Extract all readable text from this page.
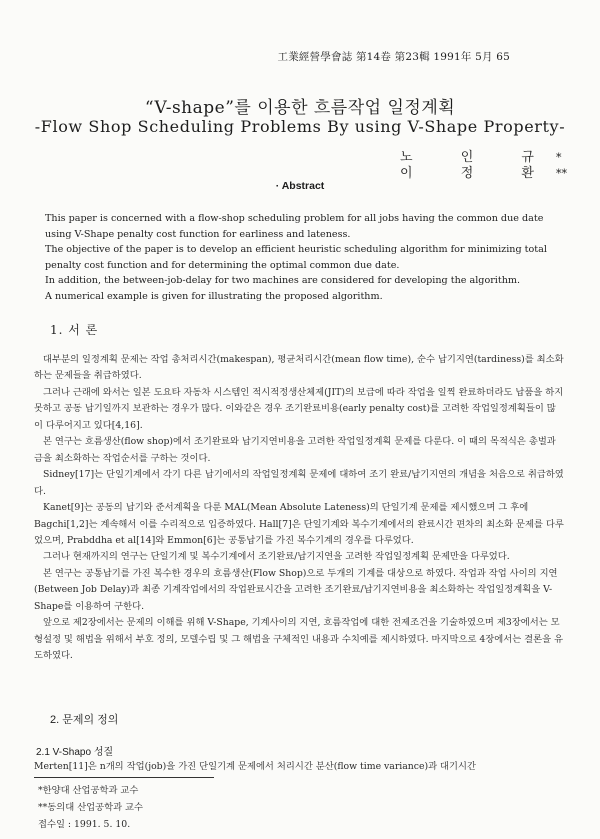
工業經營學會誌 第14卷 第23輯 1991年 5月 65
“V-shape”를 이용한 흐름작업 일정계획
-Flow Shop Scheduling Problems By using V-Shape Property-
노 인 규*
이 정 환**
· Abstract

This paper is concerned with a flow-shop scheduling problem for all jobs having the common due date using V-Shape penalty cost function for earliness and lateness.

The objective of the paper is to develop an efficient heuristic scheduling algorithm for minimizing total penalty cost function and for determining the optimal common due date.

In addition, the between-job-delay for two machines are considered for developing the algorithm.

A numerical example is given for illustrating the proposed algorithm.

1. 서 론

대부분의 일정계획 문제는 작업 총처리시간(makespan), 평균처리시간(mean flow time), 순수 납기지연(tardiness)를 최소화하는 문제들을 취급하였다.

그러나 근래에 와서는 일본 도요타 자동차 시스템인 적시적정생산체제(JIT)의 보급에 따라 작업을 일찍 완료하더라도 납품을 하지못하고 공동 납기일까지 보관하는 경우가 많다. 이와같은 경우 조기완료비용(early penalty cost)를 고려한 작업일정계획들이 많이 다루어지고 있다[4,16].

본 연구는 흐름생산(flow shop)에서 조기완료와 납기지연비용을 고려한 작업일정계획 문제를 다룬다. 이 때의 목적식은 총벌과금을 최소화하는 작업순서를 구하는 것이다.

Sidney[17]는 단일기계에서 각기 다른 납기에서의 작업일정계획 문제에 대하여 조기 완료/납기지연의 개념을 처음으로 취급하였다.

Kanet[9]는 공동의 납기와 준서계획을 다룬 MAL(Mean Absolute Lateness)의 단일기계 문제를 제시했으며 그 후에 Bagchi[1,2]는 계속해서 이를 수리적으로 입증하였다. Hall[7]은 단일기계와 복수기계에서의 완료시간 편차의 최소화 문제를 다루었으며, Prabddha et al[14]와 Emmon[6]는 공통납기를 가진 복수기계의 경우를 다루었다.

그러나 현재까지의 연구는 단일기계 및 복수기계에서 조기완료/납기지연을 고려한 작업일정계획 문제만을 다루었다.

본 연구는 공통납기를 가진 복수한 경우의 흐름생산(Flow Shop)으로 두개의 기계를 대상으로 하였다. 작업과 작업 사이의 지연(Between Job Delay)과 최종 기계작업에서의 작업완료시간을 고려한 조기완료/납기지연비용을 최소화하는 작업일정계획을 V-Shape를 이용하여 구한다.

앞으로 제2장에서는 문제의 이해를 위해 V-Shape, 기계사이의 지연, 흐름작업에 대한 전제조건을 기술하였으며 제3장에서는 모형설정 및 해법을 위해서 부호 정의, 모델수립 및 그 해법을 구체적인 내용과 수치예를 제시하였다. 마지막으로 4장에서는 결론을 유도하였다.

2. 문제의 정의
2.1 V-Shapo 성질
Merten[11]은 n개의 작업(job)을 가진 단일기계 문제에서 처리시간 분산(flow time variance)과 대기시간
*한양대 산업공학과 교수
**동의대 산업공학과 교수
접수일 : 1991. 5. 10.
